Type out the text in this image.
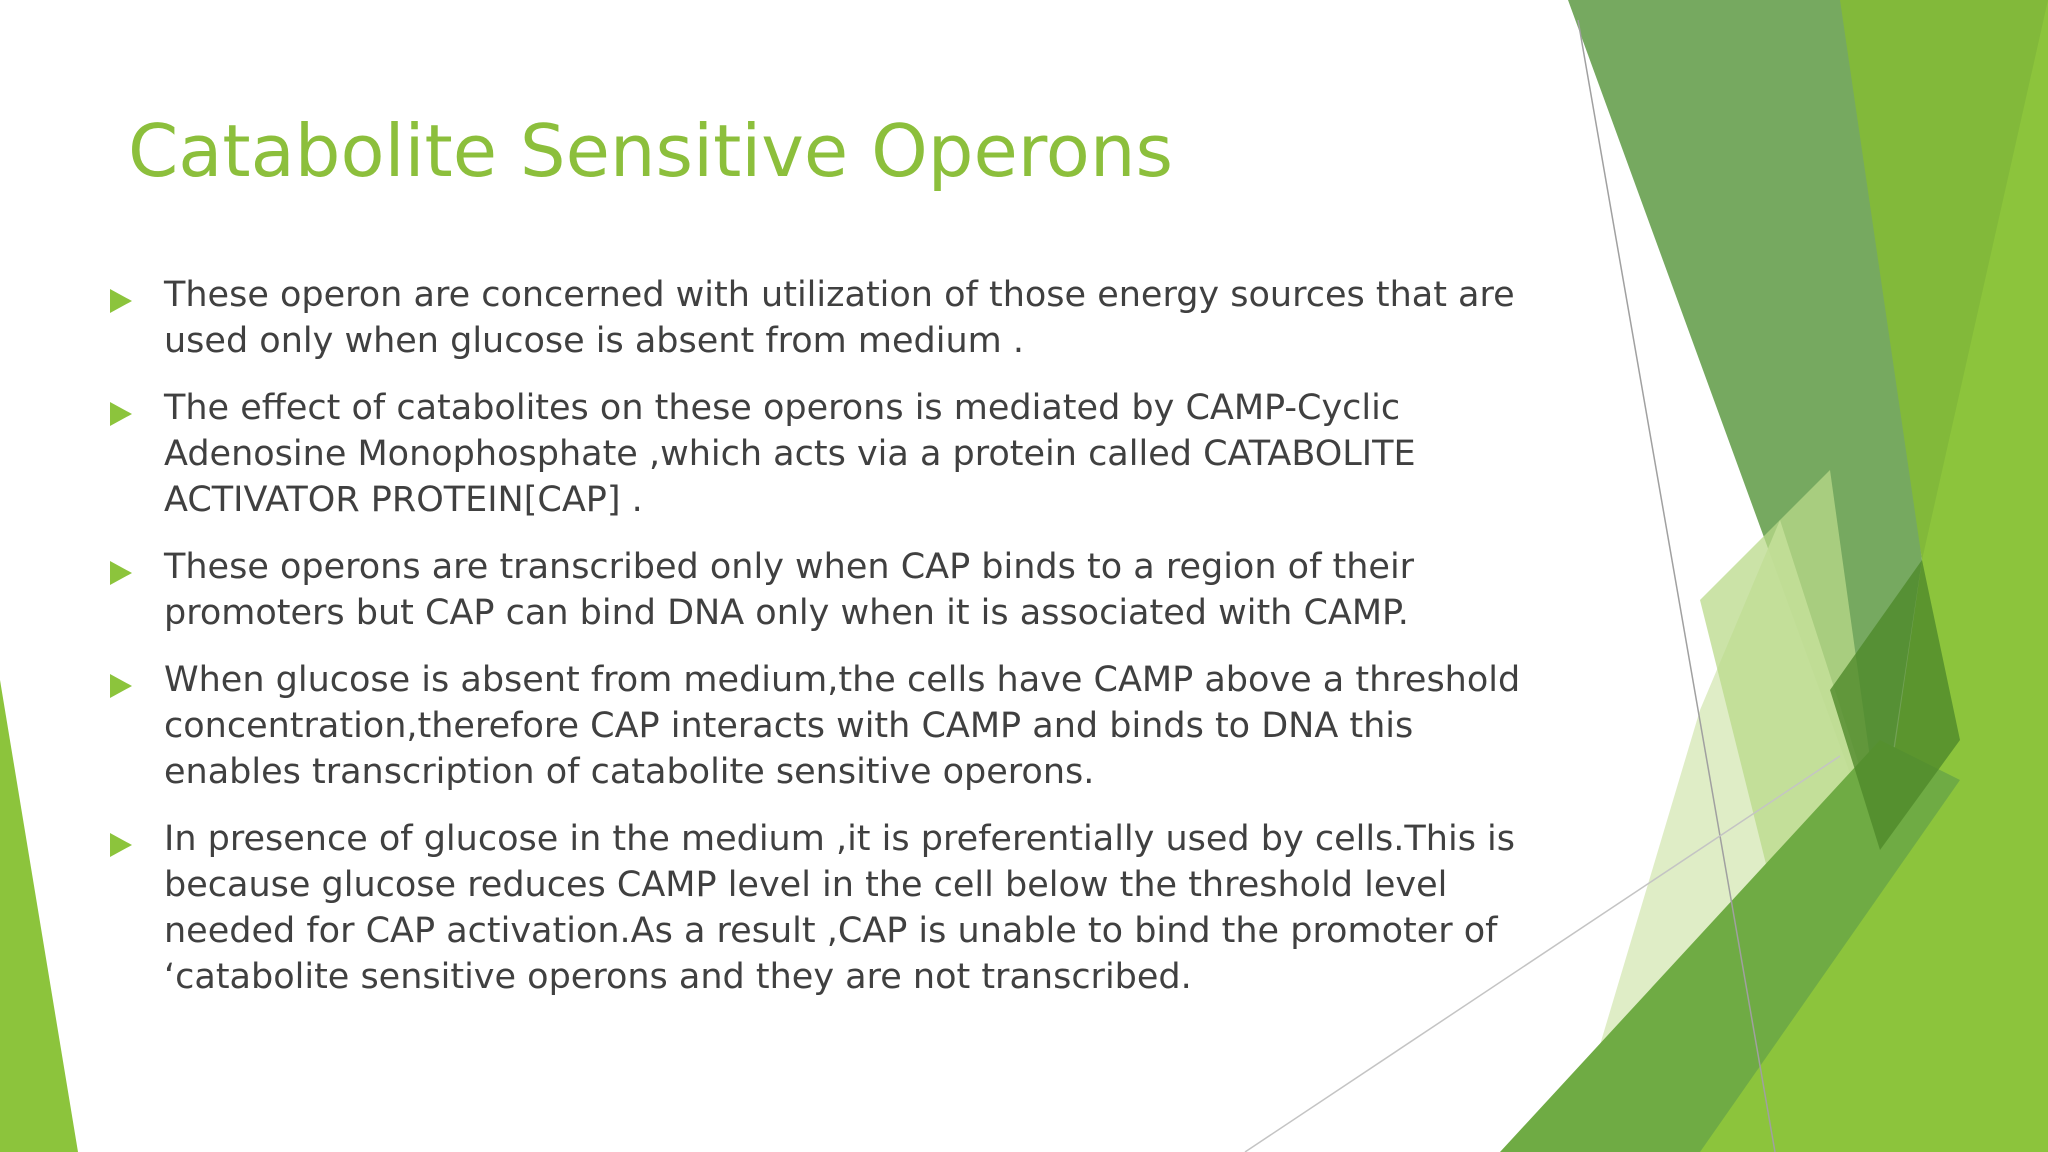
Catabolite Sensitive Operons
These operon are concerned with utilization of those energy sources that are used only when glucose is absent from medium .
The effect of catabolites on these operons is mediated by CAMP-Cyclic Adenosine Monophosphate ,which acts via a protein called CATABOLITE ACTIVATOR PROTEIN[CAP] .
These operons are transcribed only when CAP binds to a region of their promoters but CAP can bind DNA only when it is associated with CAMP.
When glucose is absent from medium,the cells have CAMP above a threshold concentration,therefore CAP interacts with CAMP and binds to DNA this enables transcription of catabolite sensitive operons.
In presence of glucose in the medium ,it is preferentially used by cells.This is because glucose reduces CAMP level in the cell below the threshold level needed for CAP activation.As a result ,CAP is unable to bind the promoter of ‘catabolite sensitive operons and they are not transcribed.
